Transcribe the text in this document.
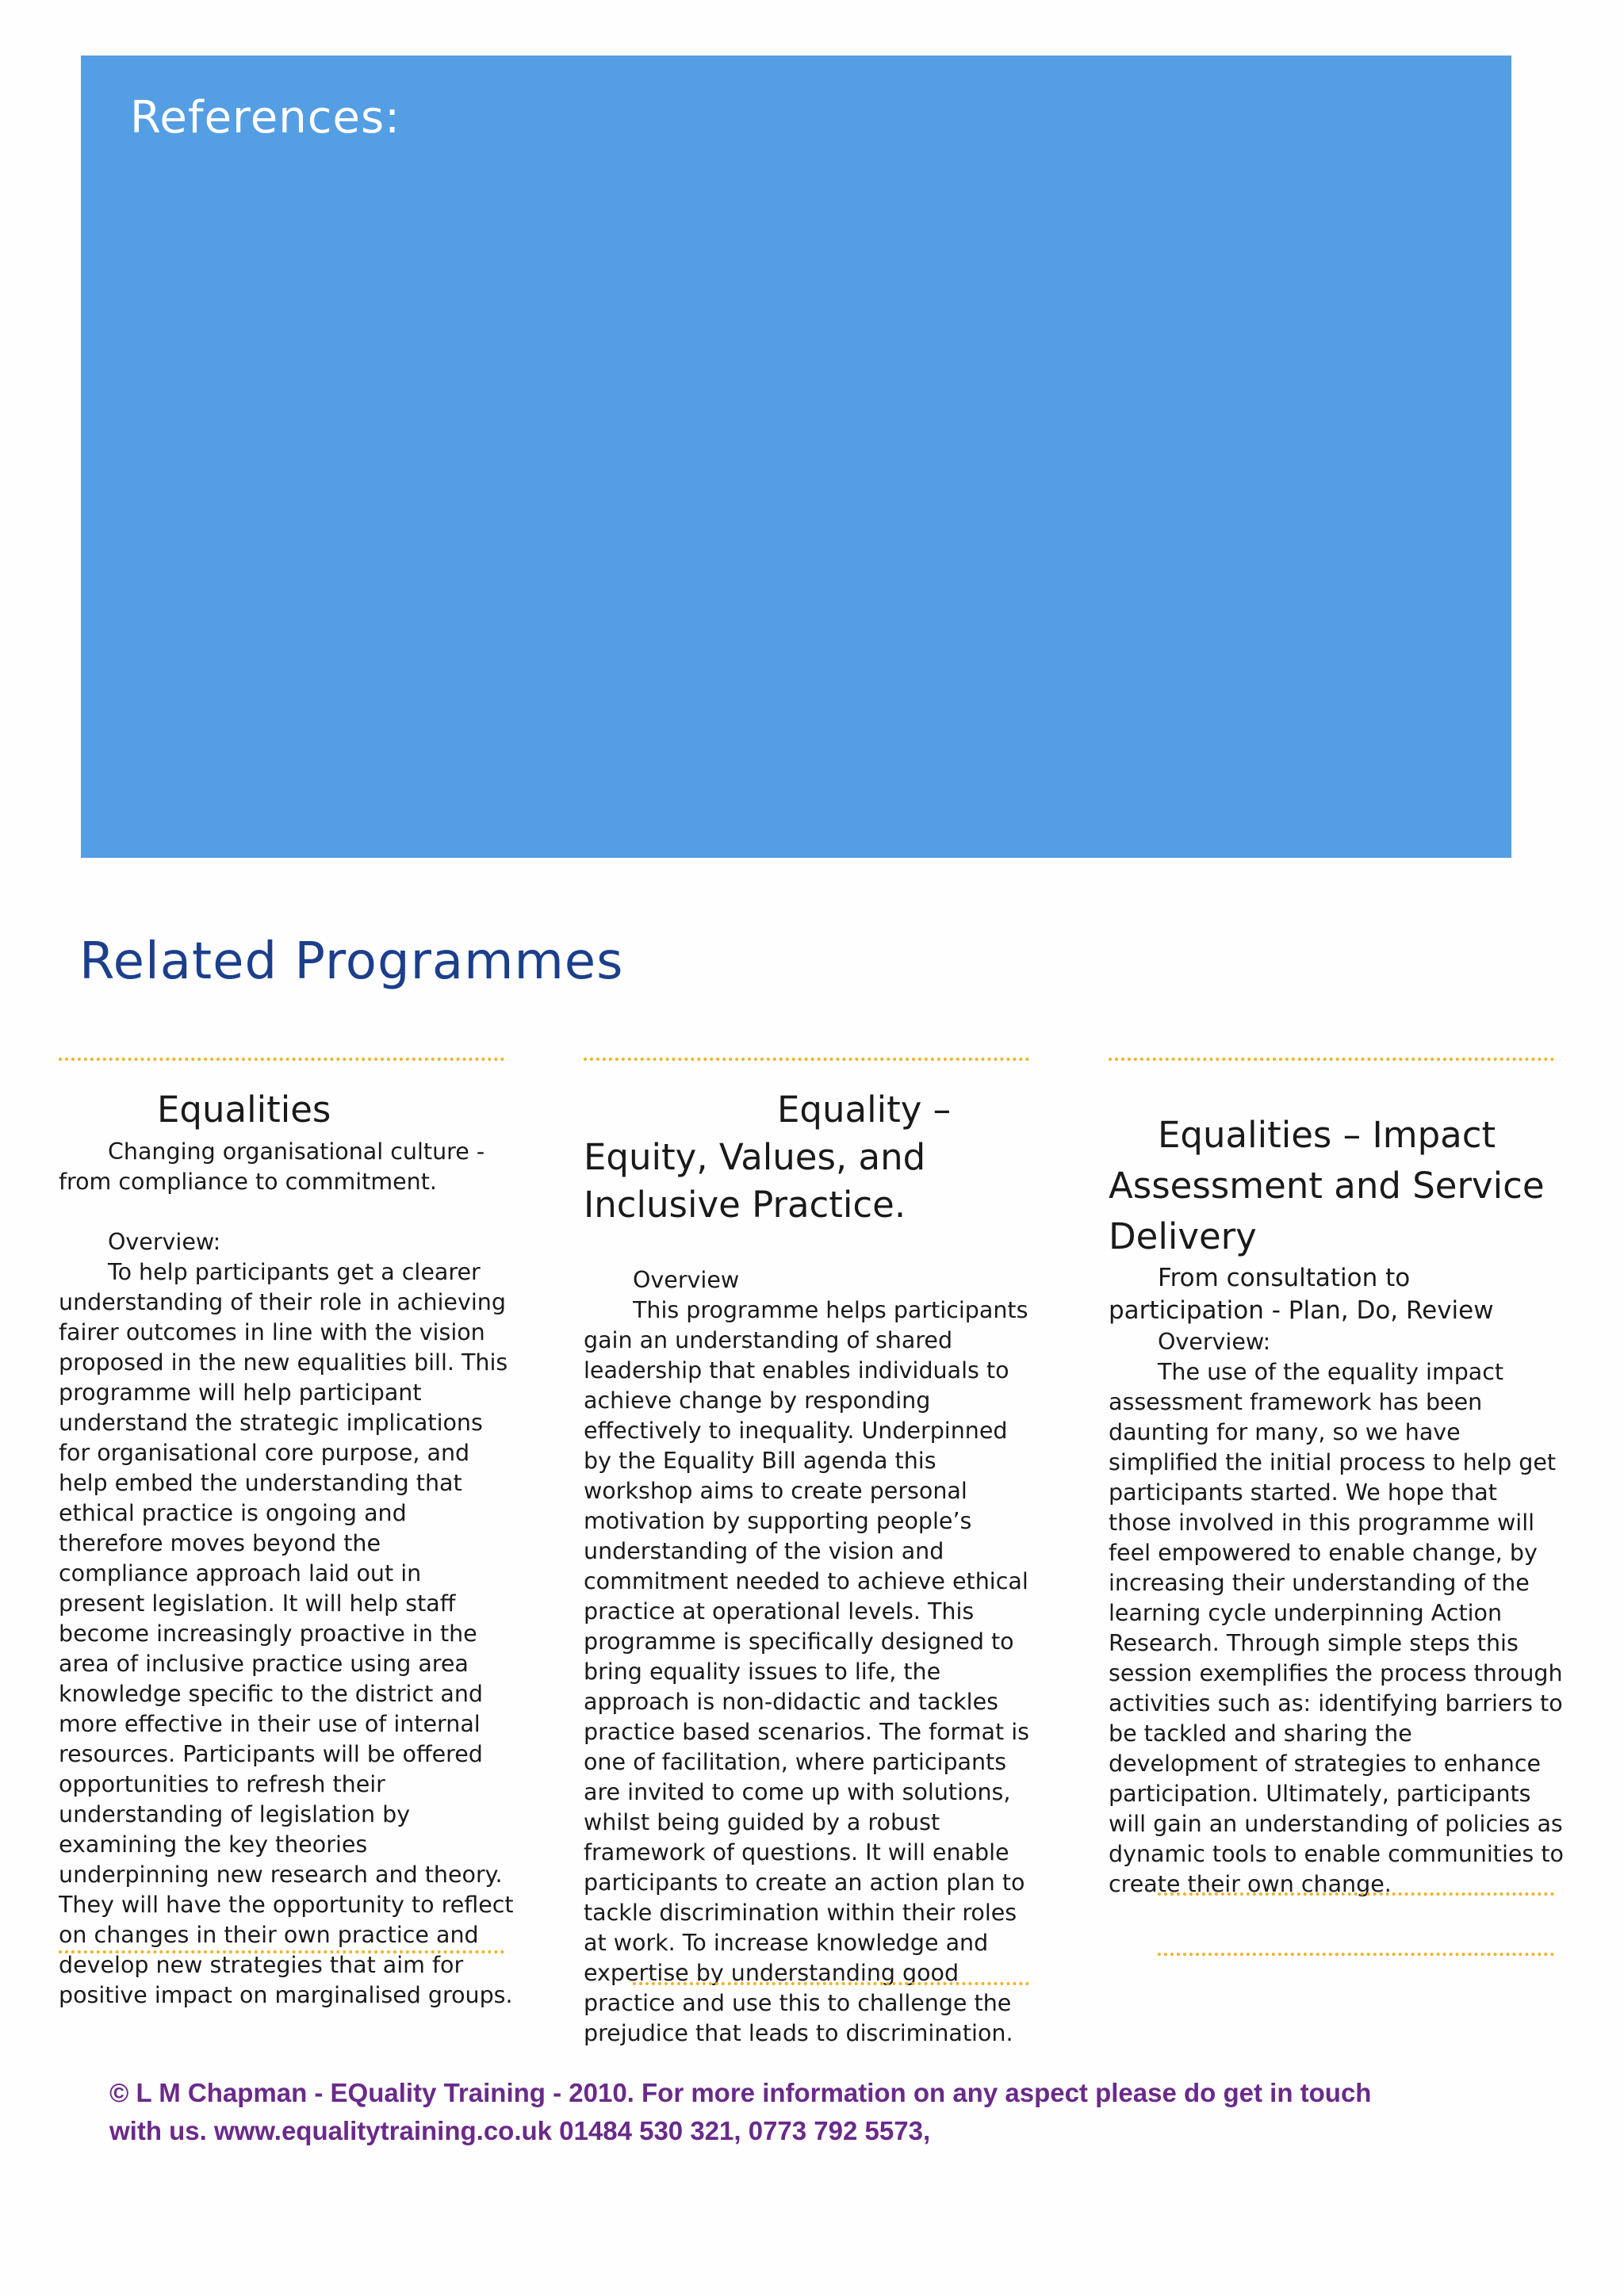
References:
Related Programmes
Equalities

Changing organisational culture - from compliance to commitment.

Overview:

To help participants get a clearer understanding of their role in achieving fairer outcomes in line with the vision proposed in the new equalities bill. This programme will help participant understand the strategic implications for organisational core purpose, and help embed the understanding that ethical practice is ongoing and therefore moves beyond the compliance approach laid out in present legislation. It will help staff become increasingly proactive in the area of inclusive practice using area knowledge specific to the district and more effective in their use of internal resources. Participants will be offered opportunities to refresh their understanding of legislation by examining the key theories underpinning new research and theory. They will have the opportunity to reflect on changes in their own practice and develop new strategies that aim for positive impact on marginalised groups.

Equality –
Equity, Values, and Inclusive Practice.

Overview

This programme helps participants gain an understanding of shared leadership that enables individuals to achieve change by responding effectively to inequality. Underpinned by the Equality Bill agenda this workshop aims to create personal motivation by supporting people’s understanding of the vision and commitment needed to achieve ethical practice at operational levels. This programme is specifically designed to bring equality issues to life, the approach is non-didactic and tackles practice based scenarios. The format is one of facilitation, where participants are invited to come up with solutions, whilst being guided by a robust framework of questions. It will enable participants to create an action plan to tackle discrimination within their roles at work. To increase knowledge and expertise by understanding good practice and use this to challenge the prejudice that leads to discrimination.

Equalities – Impact Assessment and Service Delivery

From consultation to participation - Plan, Do, Review

Overview:

The use of the equality impact assessment framework has been daunting for many, so we have simplified the initial process to help get participants started. We hope that those involved in this programme will feel empowered to enable change, by increasing their understanding of the learning cycle underpinning Action Research. Through simple steps this session exemplifies the process through activities such as: identifying barriers to be tackled and sharing the development of strategies to enhance participation. Ultimately, participants will gain an understanding of policies as dynamic tools to enable communities to create their own change.

© L M Chapman - EQuality Training - 2010. For more information on any aspect please do get in touch

with us. www.equalitytraining.co.uk 01484 530 321, 0773 792 5573,
